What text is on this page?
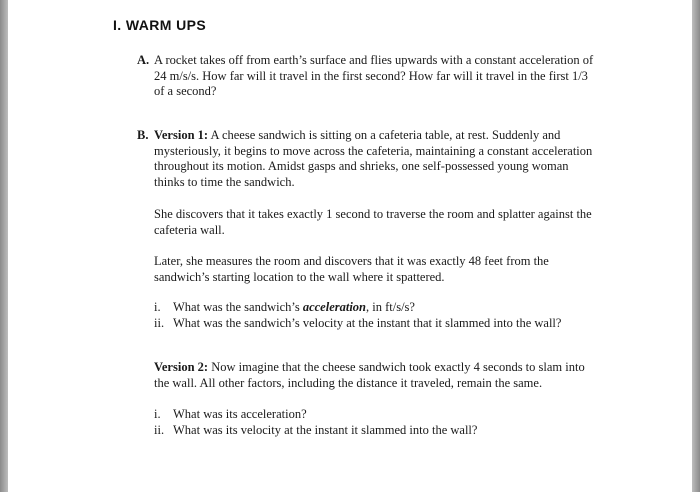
I. WARM UPS
A. A rocket takes off from earth’s surface and flies upwards with a constant acceleration of 24 m/s/s. How far will it travel in the first second? How far will it travel in the first 1/3 of a second?
B. Version 1: A cheese sandwich is sitting on a cafeteria table, at rest. Suddenly and mysteriously, it begins to move across the cafeteria, maintaining a constant acceleration throughout its motion. Amidst gasps and shrieks, one self-possessed young woman thinks to time the sandwich.
She discovers that it takes exactly 1 second to traverse the room and splatter against the cafeteria wall.
Later, she measures the room and discovers that it was exactly 48 feet from the sandwich’s starting location to the wall where it spattered.
i. What was the sandwich’s acceleration, in ft/s/s?
ii. What was the sandwich’s velocity at the instant that it slammed into the wall?
Version 2: Now imagine that the cheese sandwich took exactly 4 seconds to slam into the wall. All other factors, including the distance it traveled, remain the same.
i. What was its acceleration?
ii. What was its velocity at the instant it slammed into the wall?
